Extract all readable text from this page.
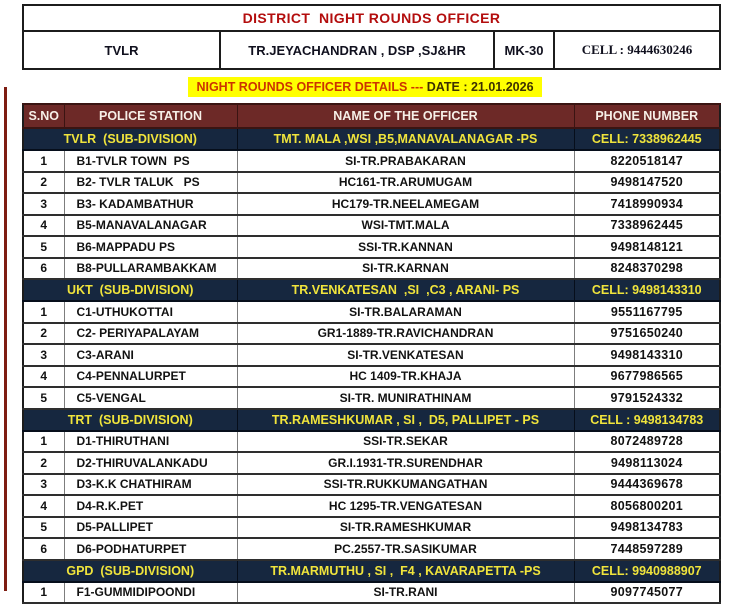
DISTRICT  NIGHT ROUNDS OFFICER
TVLR	TR.JEYACHANDRAN , DSP ,SJ&HR	MK-30	CELL : 9444630246
NIGHT ROUNDS OFFICER DETAILS --- DATE : 21.01.2026
S.NO	POLICE STATION	NAME OF THE OFFICER	PHONE NUMBER
TVLR  (SUB-DIVISION)		TMT. MALA ,WSI ,B5,MANAVALANAGAR -PS	CELL: 7338962445
1	B1-TVLR TOWN  PS	SI-TR.PRABAKARAN	8220518147
2	B2- TVLR TALUK   PS	HC161-TR.ARUMUGAM	9498147520
3	B3- KADAMBATHUR	HC179-TR.NEELAMEGAM	7418990934
4	B5-MANAVALANAGAR	WSI-TMT.MALA	7338962445
5	B6-MAPPADU PS	SSI-TR.KANNAN	9498148121
6	B8-PULLARAMBAKKAM	SI-TR.KARNAN	8248370298
UKT  (SUB-DIVISION)		TR.VENKATESAN  ,SI  ,C3 , ARANI- PS	CELL: 9498143310
1	C1-UTHUKOTTAI	SI-TR.BALARAMAN	9551167795
2	C2- PERIYAPALAYAM	GR1-1889-TR.RAVICHANDRAN	9751650240
3	C3-ARANI	SI-TR.VENKATESAN	9498143310
4	C4-PENNALURPET	HC 1409-TR.KHAJA	9677986565
5	C5-VENGAL	SI-TR. MUNIRATHINAM	9791524332
TRT  (SUB-DIVISION)		TR.RAMESHKUMAR , SI ,  D5, PALLIPET - PS	CELL : 9498134783
1	D1-THIRUTHANI	SSI-TR.SEKAR	8072489728
2	D2-THIRUVALANKADU	GR.I.1931-TR.SURENDHAR	9498113024
3	D3-K.K CHATHIRAM	SSI-TR.RUKKUMANGATHAN	9444369678
4	D4-R.K.PET	HC 1295-TR.VENGATESAN	8056800201
5	D5-PALLIPET	SI-TR.RAMESHKUMAR	9498134783
6	D6-PODHATURPET	PC.2557-TR.SASIKUMAR	7448597289
GPD  (SUB-DIVISION)		TR.MARMUTHU , SI ,  F4 , KAVARAPETTA -PS	CELL: 9940988907
1	F1-GUMMIDIPOONDI	SI-TR.RANI	9097745077
